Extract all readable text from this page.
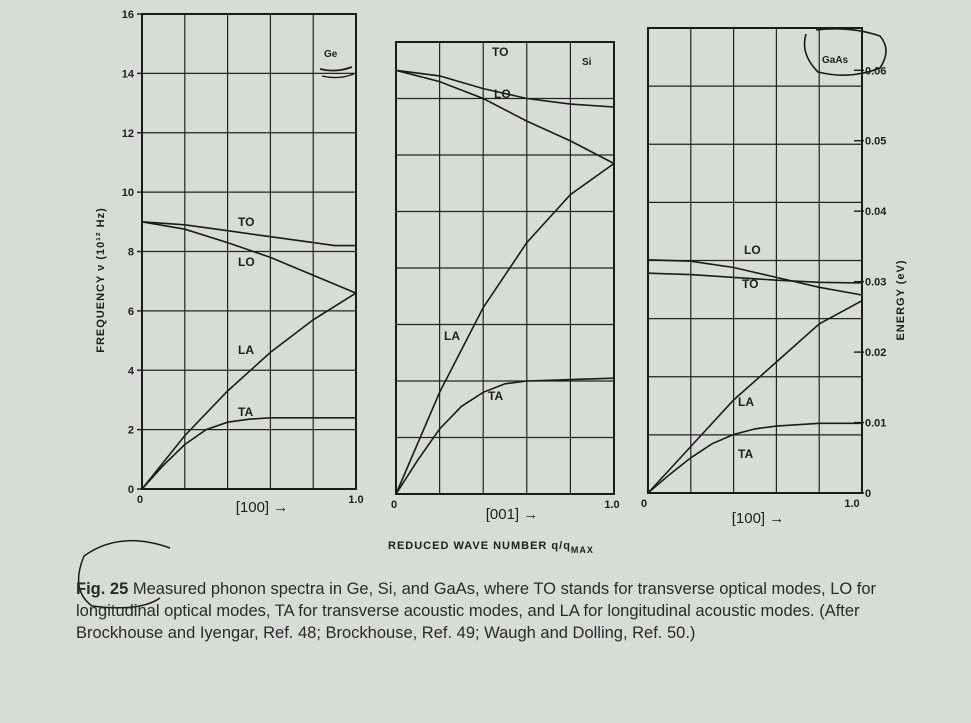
TO
LO
LA
TA
Ge
0	1.0
[100] →
0
2
4
6
8
10
12
14
16
TO
LO
LA
TA
Si
0	1.0
[001] →
LO
TO
LA
TA
GaAs
0	1.0
[100] →
0
0.01
0.02
0.03
0.04
0.05
0.06
FREQUENCY ν (10¹² Hz)	ENERGY (eV)
REDUCED WAVE NUMBER $q/q_{MAX}$
Fig. 25 Measured phonon spectra in Ge, Si, and GaAs, where TO stands for transverse optical modes, LO for longitudinal optical modes, TA for transverse acoustic modes, and LA for longitudinal acoustic modes. (After Brockhouse and Iyengar, Ref. 48; Brockhouse, Ref. 49; Waugh and Dolling, Ref. 50.)
